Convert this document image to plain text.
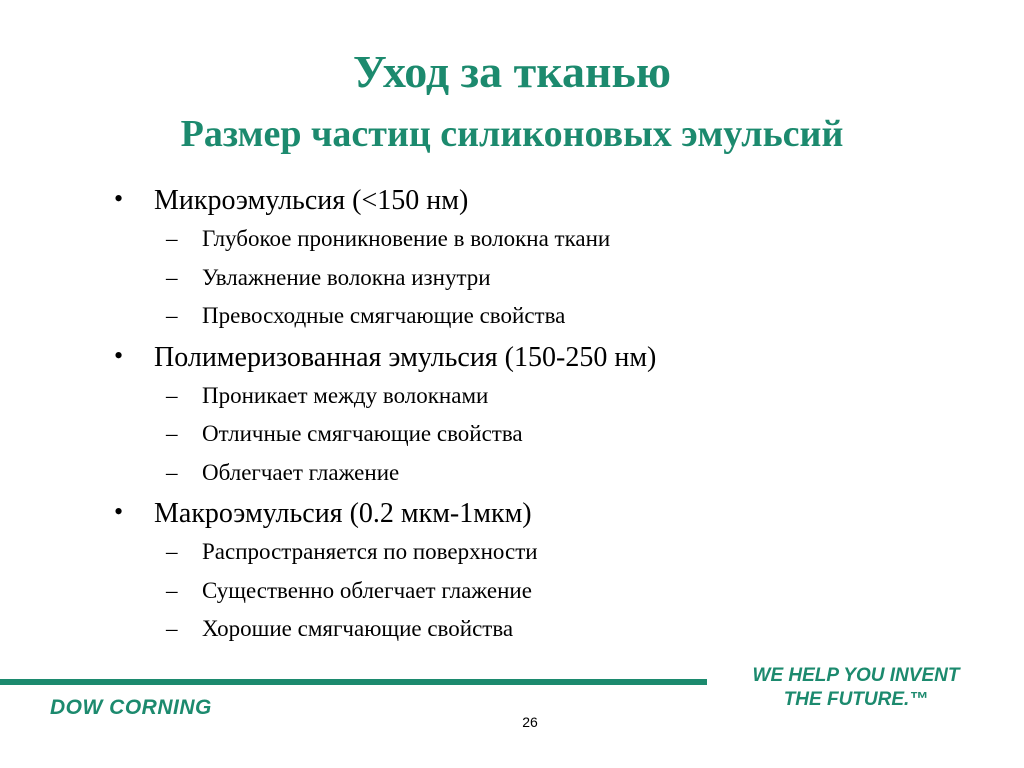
Уход за тканью
Размер частиц силиконовых эмульсий
• Микроэмульсия (<150 нм)
– Глубокое проникновение в волокна ткани
– Увлажнение волокна изнутри
– Превосходные смягчающие свойства
• Полимеризованная эмульсия (150-250 нм)
– Проникает между волокнами
– Отличные смягчающие свойства
– Облегчает глажение
• Макроэмульсия (0.2 мкм-1мкм)
– Распространяется по поверхности
– Существенно облегчает глажение
– Хорошие смягчающие свойства
DOW CORNING
WE HELP YOU INVENT
THE FUTURE.™
26
